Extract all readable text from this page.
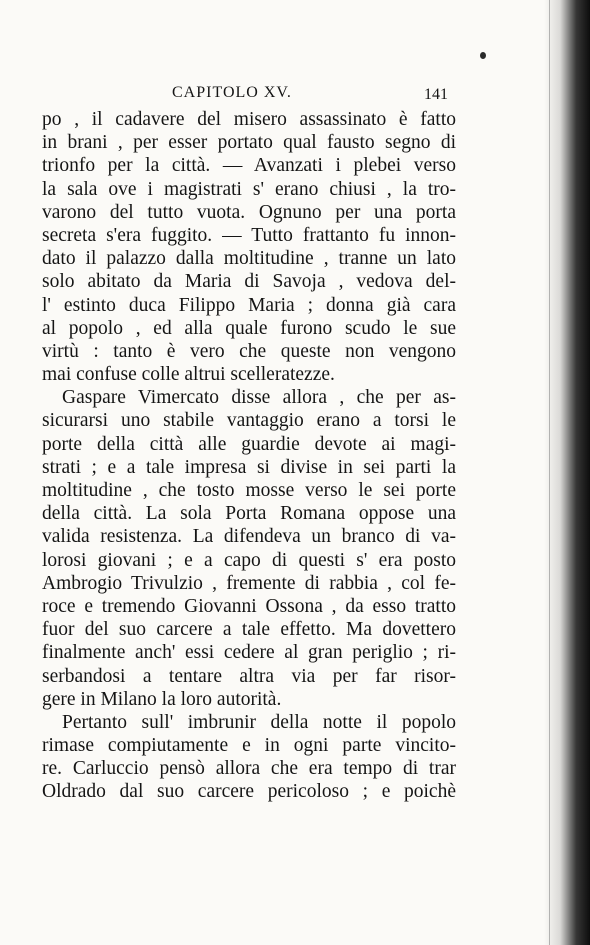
CAPITOLO XV.	141
po , il cadavere del misero assassinato è fatto
in brani , per esser portato qual fausto segno di
trionfo per la città. — Avanzati i plebei verso
la sala ove i magistrati s' erano chiusi , la tro-
varono del tutto vuota. Ognuno per una porta
secreta s'era fuggito. — Tutto frattanto fu innon-
dato il palazzo dalla moltitudine , tranne un lato
solo abitato da Maria di Savoja , vedova del-
l' estinto duca Filippo Maria ; donna già cara
al popolo , ed alla quale furono scudo le sue
virtù : tanto è vero che queste non vengono
mai confuse colle altrui scelleratezze.
Gaspare Vimercato disse allora , che per as-
sicurarsi uno stabile vantaggio erano a torsi le
porte della città alle guardie devote ai magi-
strati ; e a tale impresa si divise in sei parti la
moltitudine , che tosto mosse verso le sei porte
della città. La sola Porta Romana oppose una
valida resistenza. La difendeva un branco di va-
lorosi giovani ; e a capo di questi s' era posto
Ambrogio Trivulzio , fremente di rabbia , col fe-
roce e tremendo Giovanni Ossona , da esso tratto
fuor del suo carcere a tale effetto. Ma dovettero
finalmente anch' essi cedere al gran periglio ; ri-
serbandosi a tentare altra via per far risor-
gere in Milano la loro autorità.
Pertanto sull' imbrunir della notte il popolo
rimase compiutamente e in ogni parte vincito-
re. Carluccio pensò allora che era tempo di trar
Oldrado dal suo carcere pericoloso ; e poichè
